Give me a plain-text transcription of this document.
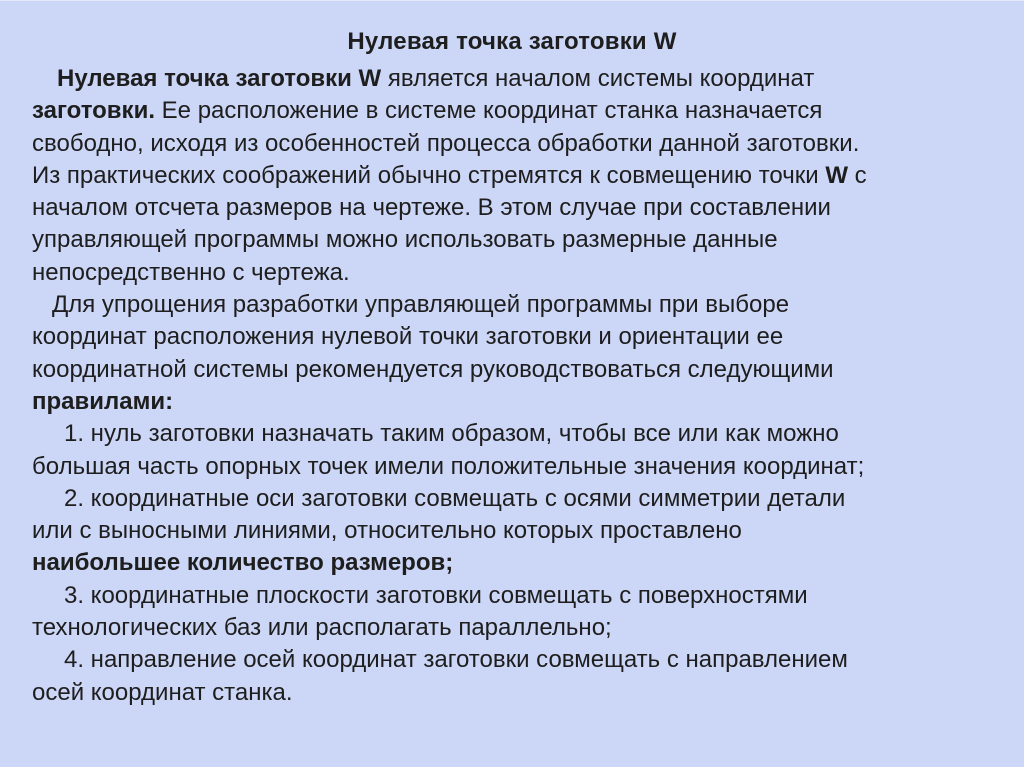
Нулевая точка заготовки W
Нулевая точка заготовки W является началом системы координат
заготовки. Ее расположение в системе координат станка назначается
свободно, исходя из особенностей процесса обработки данной заготовки.
Из практических соображений обычно стремятся к совмещению точки W с
началом отсчета размеров на чертеже. В этом случае при составлении
управляющей программы можно использовать размерные данные
непосредственно с чертежа.
Для упрощения разработки управляющей программы при выборе
координат расположения нулевой точки заготовки и ориентации ее
координатной системы рекомендуется руководствоваться следующими
правилами:
1. нуль заготовки назначать таким образом, чтобы все или как можно
большая часть опорных точек имели положительные значения координат;
2. координатные оси заготовки совмещать с осями симметрии детали
или с выносными линиями, относительно которых проставлено
наибольшее количество размеров;
3. координатные плоскости заготовки совмещать с поверхностями
технологических баз или располагать параллельно;
4. направление осей координат заготовки совмещать с направлением
осей координат станка.
